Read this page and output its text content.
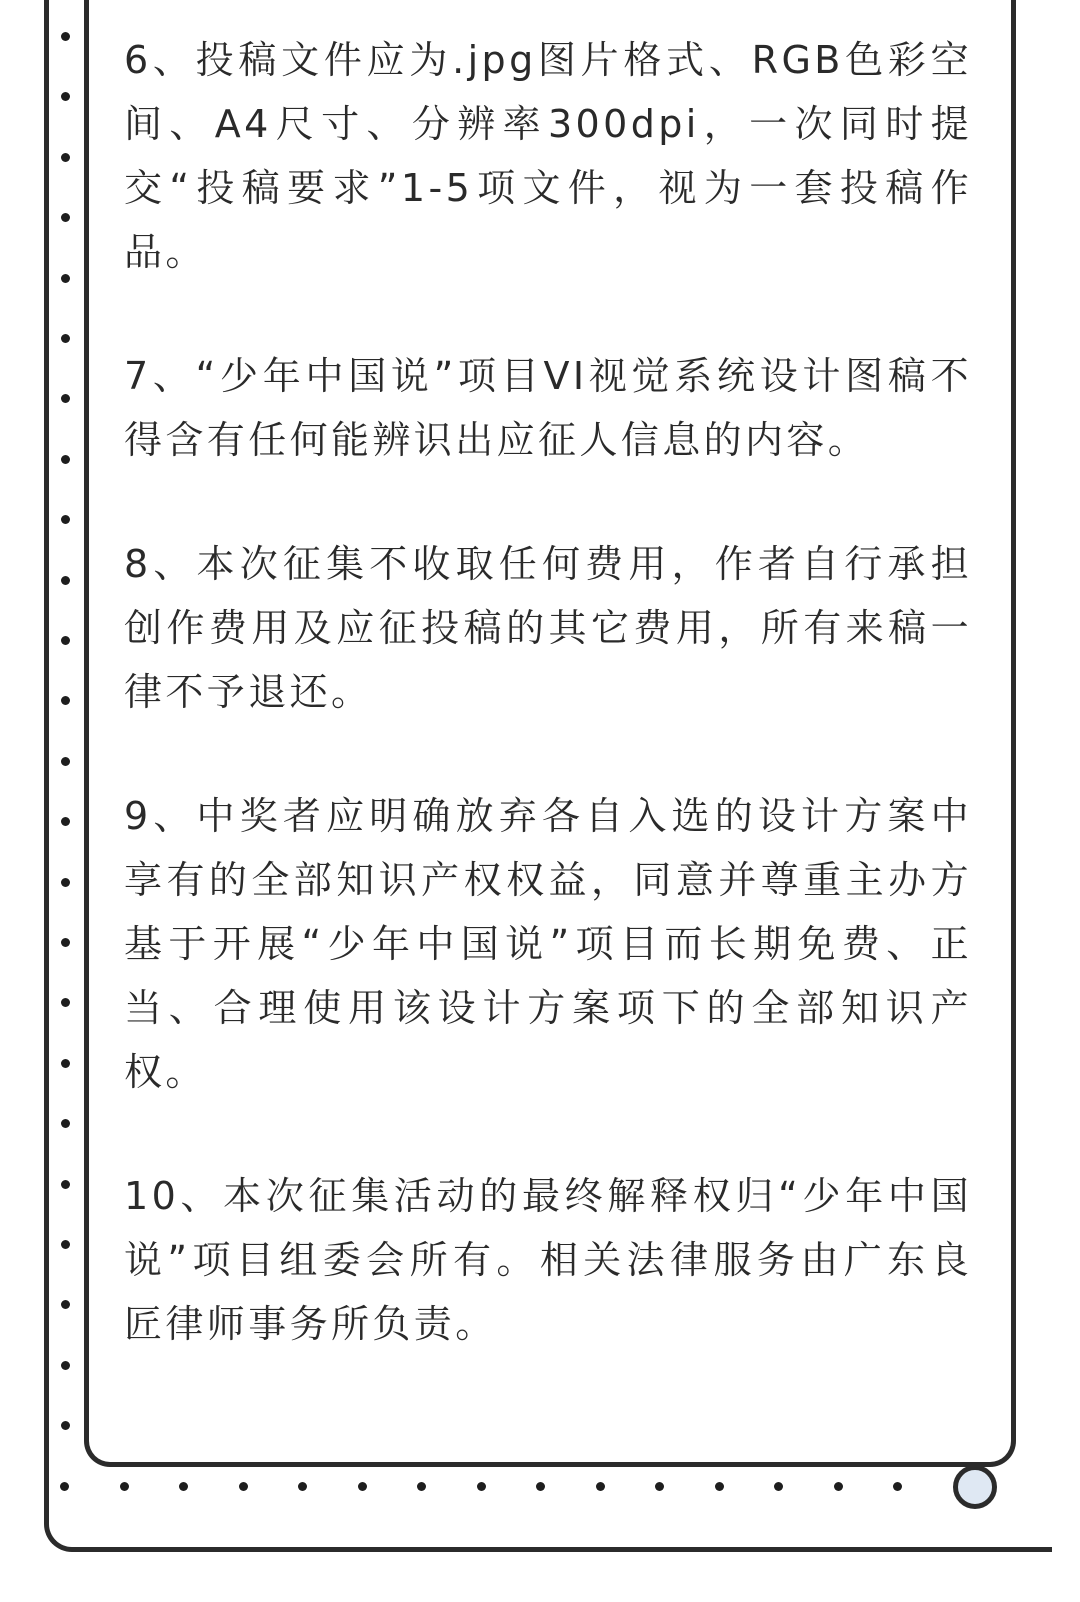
6、投稿文件应为.jpg图片格式、RGB色彩空间、A4尺寸、分辨率300dpi，一次同时提交“投稿要求”1-5项文件，视为一套投稿作品。

7、“少年中国说”项目VI视觉系统设计图稿不得含有任何能辨识出应征人信息的内容。

8、本次征集不收取任何费用，作者自行承担创作费用及应征投稿的其它费用，所有来稿一律不予退还。

9、中奖者应明确放弃各自入选的设计方案中享有的全部知识产权权益，同意并尊重主办方基于开展“少年中国说”项目而长期免费、正当、合理使用该设计方案项下的全部知识产权。

10、本次征集活动的最终解释权归“少年中国说”项目组委会所有。相关法律服务由广东良匠律师事务所负责。
